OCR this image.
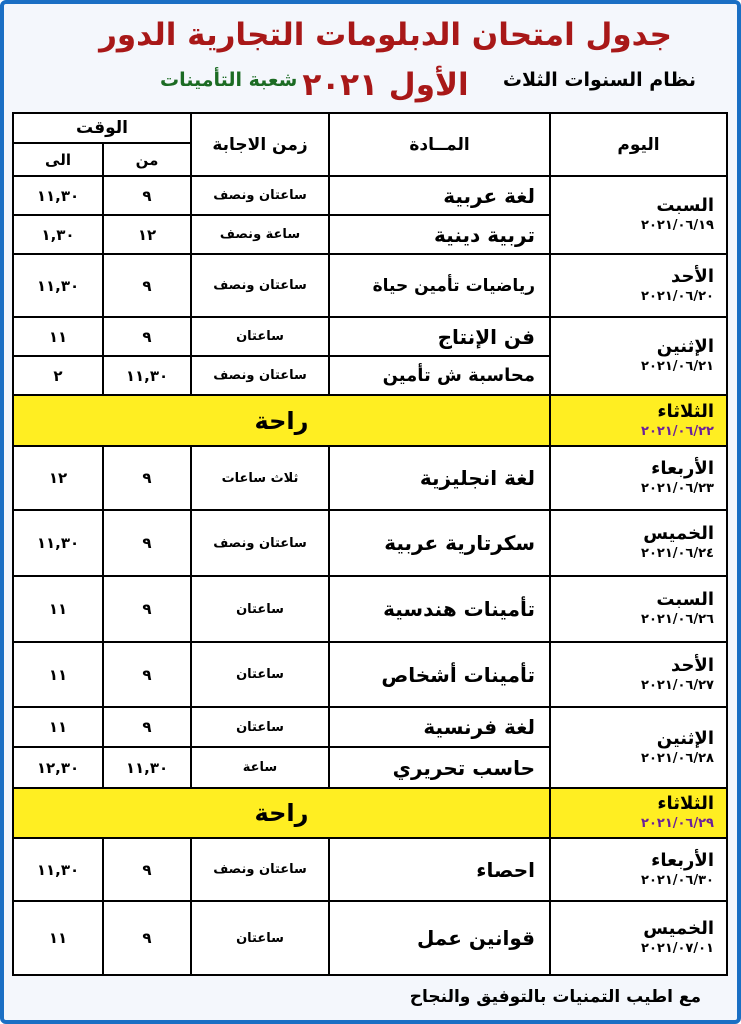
جدول امتحان الدبلومات التجارية الدور الأول ٢٠٢١	نظام السنوات الثلاث
شعبة التأمينات
اليوم
المــادة
زمن الاجابة
الوقت
من
الى
السبت
٢٠٢١/٠٦/١٩
الأحد
٢٠٢١/٠٦/٢٠
الإثنين
٢٠٢١/٠٦/٢١
الثلاثاء
٢٠٢١/٠٦/٢٢
الأربعاء
٢٠٢١/٠٦/٢٣
الخميس
٢٠٢١/٠٦/٢٤
السبت
٢٠٢١/٠٦/٢٦
الأحد
٢٠٢١/٠٦/٢٧
الإثنين
٢٠٢١/٠٦/٢٨
الثلاثاء
٢٠٢١/٠٦/٢٩
الأربعاء
٢٠٢١/٠٦/٣٠
الخميس
٢٠٢١/٠٧/٠١
لغة عربية
ساعتان ونصف
٩
١١,٣٠
تربية دينية
ساعة ونصف
١٢
١,٣٠
رياضيات تأمين حياة
ساعتان ونصف
٩
١١,٣٠
فن الإنتاج
ساعتان
٩
١١
محاسبة ش تأمين
ساعتان ونصف
١١,٣٠
٢
راحة
لغة انجليزية
ثلاث ساعات
٩
١٢
سكرتارية عربية
ساعتان ونصف
٩
١١,٣٠
تأمينات هندسية
ساعتان
٩
١١
تأمينات أشخاص
ساعتان
٩
١١
لغة فرنسية
ساعتان
٩
١١
حاسب تحريري
ساعة
١١,٣٠
١٢,٣٠
راحة
احصاء
ساعتان ونصف
٩
١١,٣٠
قوانين عمل
ساعتان
٩
١١
مع اطيب التمنيات بالتوفيق والنجاح
